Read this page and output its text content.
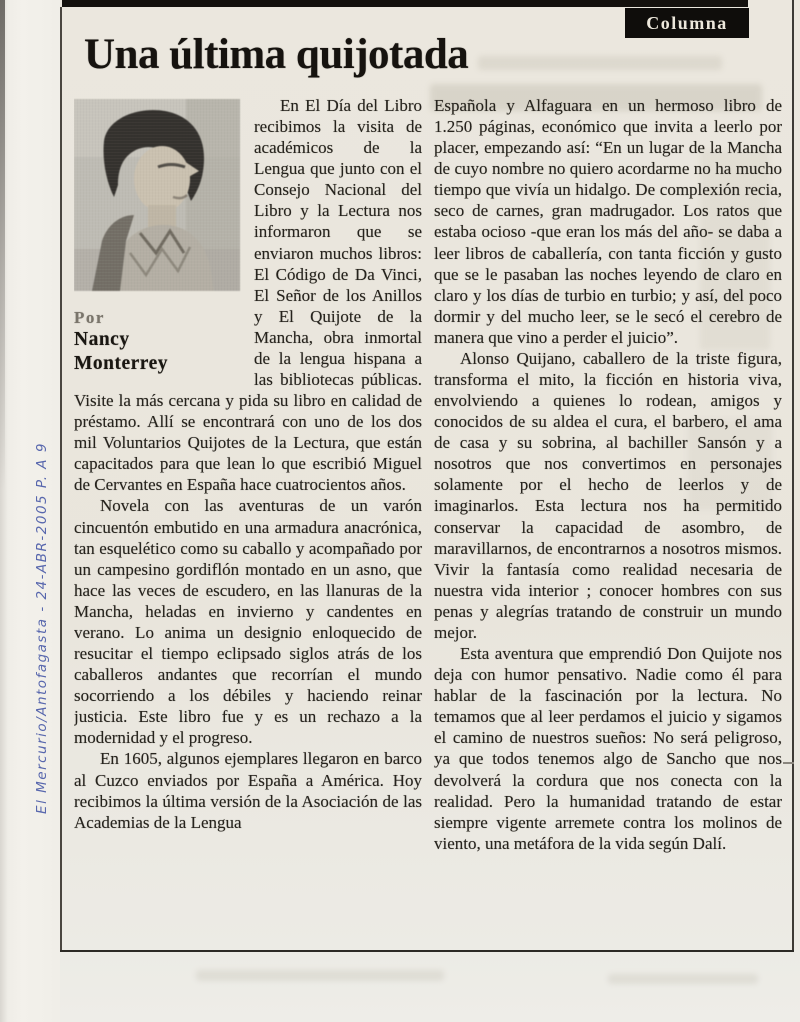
El Mercurio/Antofagasta - 24-ABR-2005 P. A 9
Columna
Una última quijotada
Por
Nancy
Monterrey

En El Día del Libro recibimos la visita de académicos de la Lengua que junto con el Consejo Nacional del Libro y la Lectura nos informaron que se enviaron muchos libros: El Código de Da Vinci, El Señor de los Anillos y El Quijote de la Mancha, obra inmortal de la lengua hispana a las bibliotecas públicas. Visite la más cercana y pida su libro en calidad de préstamo. Allí se encontrará con uno de los dos mil Voluntarios Quijotes de la Lectura, que están capacitados para que lean lo que escribió Miguel de Cervantes en España hace cuatrocientos años.

Novela con las aventuras de un varón cincuentón embutido en una armadura anacrónica, tan esquelético como su caballo y acompañado por un campesino gordiflón montado en un asno, que hace las veces de escudero, en las llanuras de la Mancha, heladas en invierno y candentes en verano. Lo anima un designio enloquecido de resucitar el tiempo eclipsado siglos atrás de los caballeros andantes que recorrían el mundo socorriendo a los débiles y haciendo reinar justicia. Este libro fue y es un rechazo a la modernidad y el progreso.

En 1605, algunos ejemplares llegaron en barco al Cuzco enviados por España a América. Hoy recibimos la última versión de la Asociación de las Academias de la Lengua

Española y Alfaguara en un hermoso libro de 1.250 páginas, económico que invita a leerlo por placer, empezando así: “En un lugar de la Mancha de cuyo nombre no quiero acordarme no ha mucho tiempo que vivía un hidalgo. De complexión recia, seco de carnes, gran madrugador. Los ratos que estaba ocioso -que eran los más del año- se daba a leer libros de caballería, con tanta ficción y gusto que se le pasaban las noches leyendo de claro en claro y los días de turbio en turbio; y así, del poco dormir y del mucho leer, se le secó el cerebro de manera que vino a perder el juicio”.

Alonso Quijano, caballero de la triste figura, transforma el mito, la ficción en historia viva, envolviendo a quienes lo rodean, amigos y conocidos de su aldea el cura, el barbero, el ama de casa y su sobrina, al bachiller Sansón y a nosotros que nos convertimos en personajes solamente por el hecho de leerlos y de imaginarlos. Esta lectura nos ha permitido conservar la capacidad de asombro, de maravillarnos, de encontrarnos a nosotros mismos. Vivir la fantasía como realidad necesaria de nuestra vida interior ; conocer hombres con sus penas y alegrías tratando de construir un mundo mejor.

Esta aventura que emprendió Don Quijote nos deja con humor pensativo. Nadie como él para hablar de la fascinación por la lectura. No temamos que al leer perdamos el juicio y sigamos el camino de nuestros sueños: No será peligroso, ya que todos tenemos algo de Sancho que nos devolverá la cordura que nos conecta con la realidad. Pero la humanidad tratando de estar siempre vigente arremete contra los molinos de viento, una metáfora de la vida según Dalí.
